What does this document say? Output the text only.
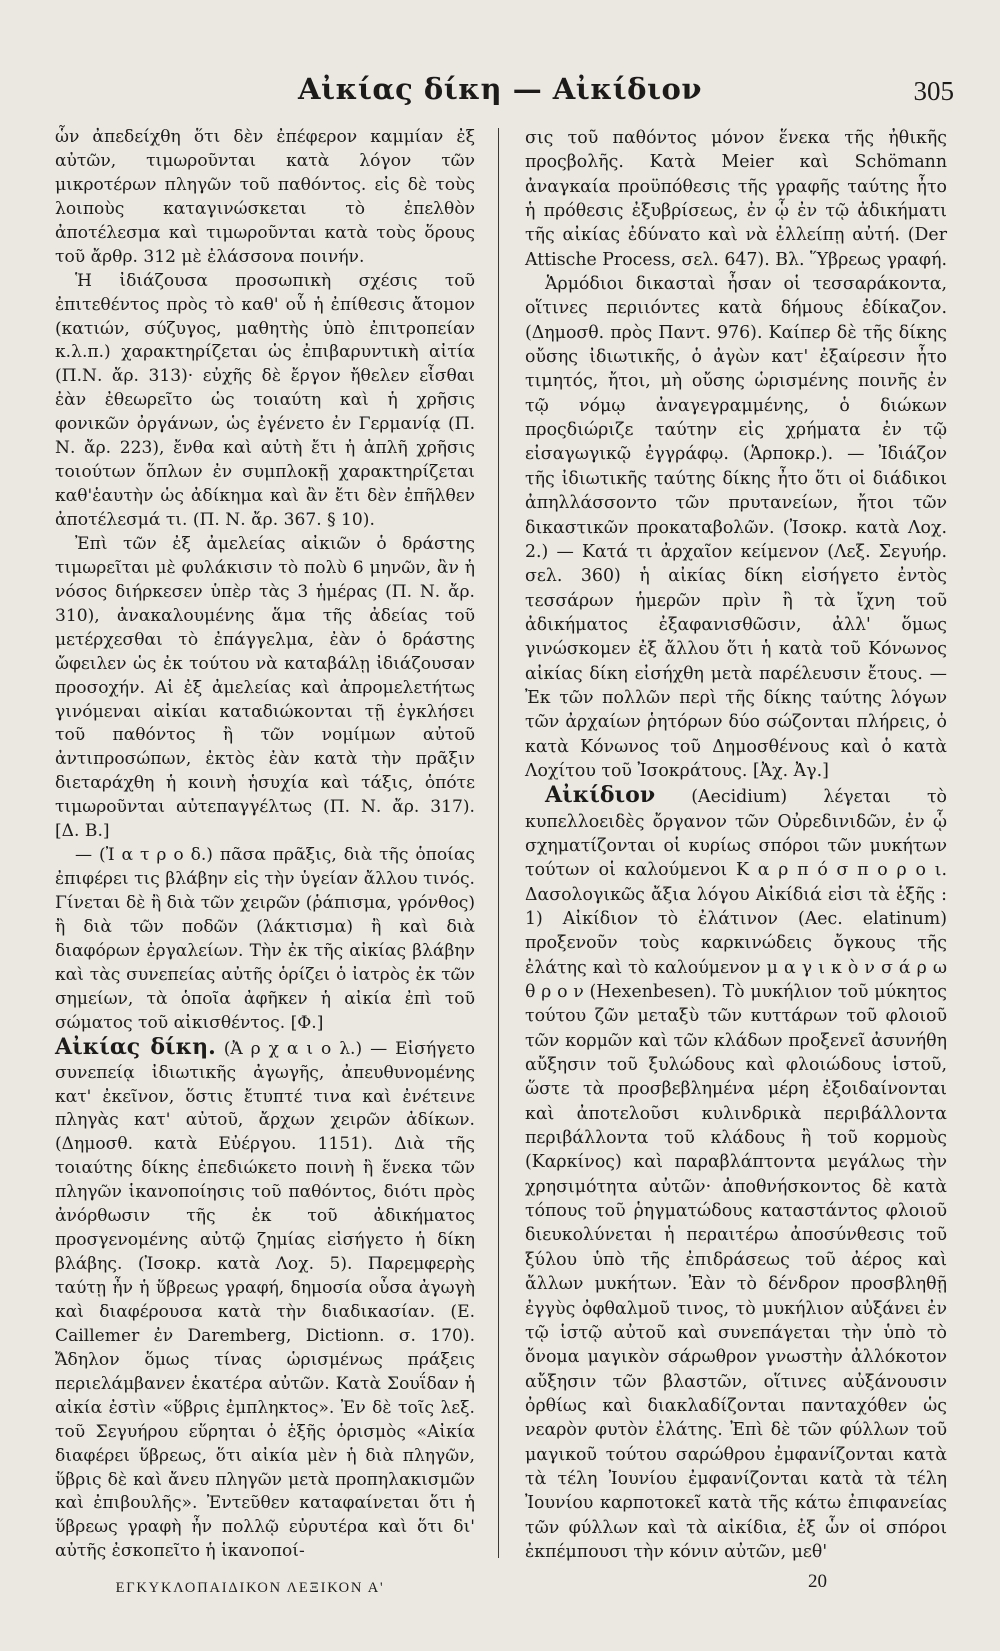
Αἰκίας δίκη — Αἰκίδιον	305

ὧν ἀπεδείχθη ὅτι δὲν ἐπέφερον καμμίαν ἐξ αὐτῶν, τιμωροῦνται κατὰ λόγον τῶν μικροτέρων πληγῶν τοῦ παθόντος. εἰς δὲ τοὺς λοιποὺς καταγινώσκεται τὸ ἐπελθὸν ἀποτέλεσμα καὶ τιμωροῦνται κατὰ τοὺς ὅρους τοῦ ἄρθρ. 312 μὲ ἐλάσσονα ποινήν.

Ἡ ἰδιάζουσα προσωπικὴ σχέσις τοῦ ἐπιτεθέντος πρὸς τὸ καθ' οὗ ἡ ἐπίθεσις ἄτομον (κατιών, σύζυγος, μαθητὴς ὑπὸ ἐπιτροπείαν κ.λ.π.) χαρακτηρίζεται ὡς ἐπιβαρυντικὴ αἰτία (Π.Ν. ἄρ. 313)· εὐχῆς δὲ ἔργον ἤθελεν εἶσθαι ἐὰν ἐθεωρεῖτο ὡς τοιαύτη καὶ ἡ χρῆσις φονικῶν ὀργάνων, ὡς ἐγένετο ἐν Γερμανίᾳ (Π. Ν. ἄρ. 223), ἔνθα καὶ αὐτὴ ἔτι ἡ ἁπλῆ χρῆσις τοιούτων ὅπλων ἐν συμπλοκῇ χαρακτηρίζεται καθ'ἑαυτὴν ὡς ἀδίκημα καὶ ἂν ἔτι δὲν ἐπῆλθεν ἀποτέλεσμά τι. (Π. Ν. ἄρ. 367. § 10).

Ἐπὶ τῶν ἐξ ἀμελείας αἰκιῶν ὁ δράστης τιμωρεῖται μὲ φυλάκισιν τὸ πολὺ 6 μηνῶν, ἂν ἡ νόσος διήρκεσεν ὑπὲρ τὰς 3 ἡμέρας (Π. Ν. ἄρ. 310), ἀνακαλουμένης ἅμα τῆς ἀδείας τοῦ μετέρχεσθαι τὸ ἐπάγγελμα, ἐὰν ὁ δράστης ὤφειλεν ὡς ἐκ τούτου νὰ καταβάλῃ ἰδιάζουσαν προσοχήν. Αἱ ἐξ ἀμελείας καὶ ἀπρομελετήτως γινόμεναι αἰκίαι καταδιώκονται τῇ ἐγκλήσει τοῦ παθόντος ἢ τῶν νομίμων αὐτοῦ ἀντιπροσώπων, ἐκτὸς ἐὰν κατὰ τὴν πρᾶξιν διεταράχθη ἡ κοινὴ ἡσυχία καὶ τάξις, ὁπότε τιμωροῦνται αὐτεπαγγέλτως (Π. Ν. ἄρ. 317). [Δ. Β.]

— (Ἰ α τ ρ ο δ.) πᾶσα πρᾶξις, διὰ τῆς ὁποίας ἐπιφέρει τις βλάβην εἰς τὴν ὑγείαν ἄλλου τινός. Γίνεται δὲ ἢ διὰ τῶν χειρῶν (ῥάπισμα, γρόνθος) ἢ διὰ τῶν ποδῶν (λάκτισμα) ἢ καὶ διὰ διαφόρων ἐργαλείων. Τὴν ἐκ τῆς αἰκίας βλάβην καὶ τὰς συνεπείας αὐτῆς ὁρίζει ὁ ἰατρὸς ἐκ τῶν σημείων, τὰ ὁποῖα ἀφῆκεν ἡ αἰκία ἐπὶ τοῦ σώματος τοῦ αἰκισθέντος. [Φ.]

Αἰκίας δίκη. (Ἀ ρ χ α ι ο λ.) — Εἰσήγετο συνεπείᾳ ἰδιωτικῆς ἀγωγῆς, ἀπευθυνομένης κατ' ἐκεῖνον, ὅστις ἔτυπτέ τινα καὶ ἐνέτεινε πληγὰς κατ' αὐτοῦ, ἄρχων χειρῶν ἀδίκων. (Δημοσθ. κατὰ Εὐέργου. 1151). Διὰ τῆς τοιαύτης δίκης ἐπεδιώκετο ποινὴ ἢ ἕνεκα τῶν πληγῶν ἱκανοποίησις τοῦ παθόντος, διότι πρὸς ἀνόρθωσιν τῆς ἐκ τοῦ ἀδικήματος προσγενομένης αὐτῷ ζημίας εἰσήγετο ἡ δίκη βλάβης. (Ἰσοκρ. κατὰ Λοχ. 5). Παρεμφερὴς ταύτῃ ἦν ἡ ὕβρεως γραφή, δημοσία οὖσα ἀγωγὴ καὶ διαφέρουσα κατὰ τὴν διαδικασίαν. (E. Caillemer ἐν Daremberg, Dictionn. σ. 170). Ἄδηλον ὅμως τίνας ὡρισμένως πράξεις περιελάμβανεν ἑκατέρα αὐτῶν. Κατὰ Σουΐδαν ἡ αἰκία ἐστὶν «ὕβρις ἐμπληκτος». Ἐν δὲ τοῖς λεξ. τοῦ Σεγυήρου εὕρηται ὁ ἑξῆς ὁρισμὸς «Αἰκία διαφέρει ὕβρεως, ὅτι αἰκία μὲν ἡ διὰ πληγῶν, ὕβρις δὲ καὶ ἄνευ πληγῶν μετὰ προπηλακισμῶν καὶ ἐπιβουλῆς». Ἐντεῦθεν καταφαίνεται ὅτι ἡ ὕβρεως γραφὴ ἦν πολλῷ εὐρυτέρα καὶ ὅτι δι' αὐτῆς ἐσκοπεῖτο ἡ ἱκανοποί-

σις τοῦ παθόντος μόνον ἕνεκα τῆς ἠθικῆς προςβολῆς. Κατὰ Meier καὶ Schömann ἀναγκαία προϋπόθεσις τῆς γραφῆς ταύτης ἦτο ἡ πρόθεσις ἐξυβρίσεως, ἐν ᾧ ἐν τῷ ἀδικήματι τῆς αἰκίας ἐδύνατο καὶ νὰ ἐλλείπῃ αὐτή. (Der Attische Process, σελ. 647). Βλ. Ὕβρεως γραφή.

Ἁρμόδιοι δικασταὶ ἦσαν οἱ τεσσαράκοντα, οἵτινες περιιόντες κατὰ δήμους ἐδίκαζον. (Δημοσθ. πρὸς Παντ. 976). Καίπερ δὲ τῆς δίκης οὔσης ἰδιωτικῆς, ὁ ἀγὼν κατ' ἐξαίρεσιν ἦτο τιμητός, ἤτοι, μὴ οὔσης ὡρισμένης ποινῆς ἐν τῷ νόμῳ ἀναγεγραμμένης, ὁ διώκων προςδιώριζε ταύτην εἰς χρήματα ἐν τῷ εἰσαγωγικῷ ἐγγράφῳ. (Ἁρποκρ.). — Ἰδιάζον τῆς ἰδιωτικῆς ταύτης δίκης ἦτο ὅτι οἱ διάδικοι ἀπηλλάσσοντο τῶν πρυτανείων, ἤτοι τῶν δικαστικῶν προκαταβολῶν. (Ἰσοκρ. κατὰ Λοχ. 2.) — Κατά τι ἀρχαῖον κείμενον (Λεξ. Σεγυήρ. σελ. 360) ἡ αἰκίας δίκη εἰσήγετο ἐντὸς τεσσάρων ἡμερῶν πρὶν ἢ τὰ ἴχνη τοῦ ἀδικήματος ἐξαφανισθῶσιν, ἀλλ' ὅμως γινώσκομεν ἐξ ἄλλου ὅτι ἡ κατὰ τοῦ Κόνωνος αἰκίας δίκη εἰσήχθη μετὰ παρέλευσιν ἔτους. — Ἐκ τῶν πολλῶν περὶ τῆς δίκης ταύτης λόγων τῶν ἀρχαίων ῥητόρων δύο σώζονται πλήρεις, ὁ κατὰ Κόνωνος τοῦ Δημοσθένους καὶ ὁ κατὰ Λοχίτου τοῦ Ἰσοκράτους. [Ἀχ. Ἀγ.]

Αἰκίδιον (Aecidium) λέγεται τὸ κυπελλοειδὲς ὄργανον τῶν Οὐρεδινιδῶν, ἐν ᾧ σχηματίζονται οἱ κυρίως σπόροι τῶν μυκήτων τούτων οἱ καλούμενοι Κ α ρ π ό σ π ο ρ ο ι. Δασολογικῶς ἄξια λόγου Αἰκίδιά εἰσι τὰ ἑξῆς : 1) Αἰκίδιον τὸ ἐλάτινον (Aec. elatinum) προξενοῦν τοὺς καρκινώδεις ὄγκους τῆς ἐλάτης καὶ τὸ καλούμενον μ α γ ι κ ὸ ν σ ά ρ ω θ ρ ο ν (Hexenbesen). Τὸ μυκήλιον τοῦ μύκητος τούτου ζῶν μεταξὺ τῶν κυττάρων τοῦ φλοιοῦ τῶν κορμῶν καὶ τῶν κλάδων προξενεῖ ἀσυνήθη αὔξησιν τοῦ ξυλώδους καὶ φλοιώδους ἱστοῦ, ὥστε τὰ προσβεβλημένα μέρη ἐξοιδαίνονται καὶ ἀποτελοῦσι κυλινδρικὰ περιβάλλοντα περιβάλλοντα τοῦ κλάδους ἢ τοῦ κορμοὺς (Καρκίνος) καὶ παραβλάπτοντα μεγάλως τὴν χρησιμότητα αὐτῶν· ἀποθνήσκοντος δὲ κατὰ τόπους τοῦ ῥηγματώδους καταστάντος φλοιοῦ διευκολύνεται ἡ περαιτέρω ἀποσύνθεσις τοῦ ξύλου ὑπὸ τῆς ἐπιδράσεως τοῦ ἀέρος καὶ ἄλλων μυκήτων. Ἐὰν τὸ δένδρον προσβληθῇ ἐγγὺς ὀφθαλμοῦ τινος, τὸ μυκήλιον αὐξάνει ἐν τῷ ἱστῷ αὐτοῦ καὶ συνεπάγεται τὴν ὑπὸ τὸ ὄνομα μαγικὸν σάρωθρον γνωστὴν ἀλλόκοτον αὔξησιν τῶν βλαστῶν, οἵτινες αὐξάνουσιν ὀρθίως καὶ διακλαδίζονται πανταχόθεν ὡς νεαρὸν φυτὸν ἐλάτης. Ἐπὶ δὲ τῶν φύλλων τοῦ μαγικοῦ τούτου σαρώθρου ἐμφανίζονται κατὰ τὰ τέλη Ἰουνίου ἐμφανίζονται κατὰ τὰ τέλη Ἰουνίου καρποτοκεῖ κατὰ τῆς κάτω ἐπιφανείας τῶν φύλλων καὶ τὰ αἰκίδια, ἐξ ὧν οἱ σπόροι ἐκπέμπουσι τὴν κόνιν αὐτῶν, μεθ'

ΕΓΚΥΚΛΟΠΑΙΔΙΚΟΝ ΛΕΞΙΚΟΝ Α'	20
